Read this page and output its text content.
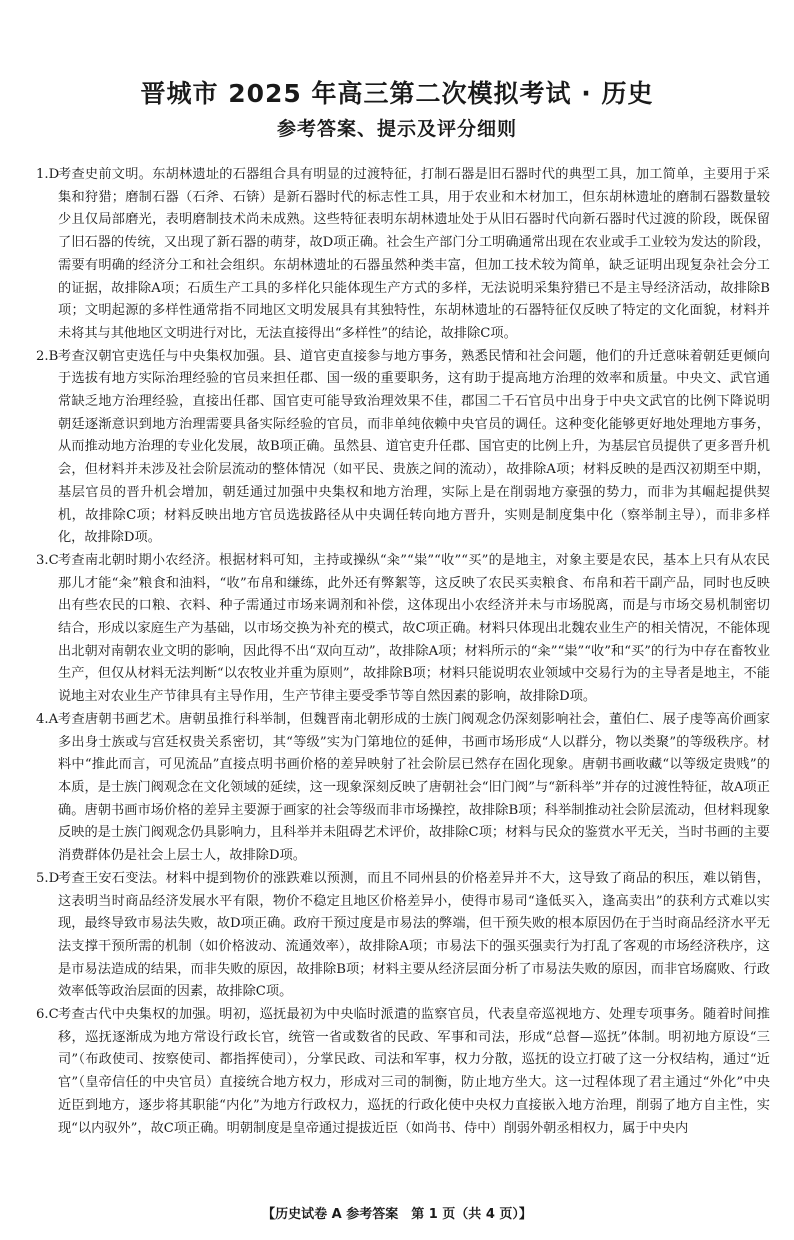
晋城市 2025 年高三第二次模拟考试 · 历史
参考答案、提示及评分细则
1.D
考查史前文明。东胡林遗址的石器组合具有明显的过渡特征，打制石器是旧石器时代的典型工具，加工简单，主要用于采集和狩猎；磨制石器（石斧、石锛）是新石器时代的标志性工具，用于农业和木材加工，但东胡林遗址的磨制石器数量较少且仅局部磨光，表明磨制技术尚未成熟。这些特征表明东胡林遗址处于从旧石器时代向新石器时代过渡的阶段，既保留了旧石器的传统，又出现了新石器的萌芽，故D项正确。社会生产部门分工明确通常出现在农业或手工业较为发达的阶段，需要有明确的经济分工和社会组织。东胡林遗址的石器虽然种类丰富，但加工技术较为简单，缺乏证明出现复杂社会分工的证据，故排除A项；石质生产工具的多样化只能体现生产方式的多样，无法说明采集狩猎已不是主导经济活动，故排除B项；文明起源的多样性通常指不同地区文明发展具有其独特性，东胡林遗址的石器特征仅反映了特定的文化面貌，材料并未将其与其他地区文明进行对比，无法直接得出“多样性”的结论，故排除C项。
2.B 考查汉朝官吏选任与中央集权加强。县、道官吏直接参与地方事务，熟悉民情和社会问题，他们的升迁意味着朝廷更倾向于选拔有地方实际治理经验的官员来担任郡、国一级的重要职务，这有助于提高地方治理的效率和质量。中央文、武官通常缺乏地方治理经验，直接出任郡、国官吏可能导致治理效果不佳，郡国二千石官员中出身于中央文武官的比例下降说明朝廷逐渐意识到地方治理需要具备实际经验的官员，而非单纯依赖中央官员的调任。这种变化能够更好地处理地方事务，从而推动地方治理的专业化发展，故B项正确。虽然县、道官吏升任郡、国官吏的比例上升，为基层官员提供了更多晋升机会，但材料并未涉及社会阶层流动的整体情况（如平民、贵族之间的流动），故排除A项；材料反映的是西汉初期至中期，基层官员的晋升机会增加，朝廷通过加强中央集权和地方治理，实际上是在削弱地方豪强的势力，而非为其崛起提供契机，故排除C项；材料反映出地方官员选拔路径从中央调任转向地方晋升，实则是制度集中化（察举制主导），而非多样化，故排除D项。
3.C 考查南北朝时期小农经济。根据材料可知，主持或操纵“籴”“粜”“收”“买”的是地主，对象主要是农民，基本上只有从农民那儿才能“籴”粮食和油料，“收”布帛和缣练，此外还有弊絮等，这反映了农民买卖粮食、布帛和若干副产品，同时也反映出有些农民的口粮、衣料、种子需通过市场来调剂和补偿，这体现出小农经济并未与市场脱离，而是与市场交易机制密切结合，形成以家庭生产为基础，以市场交换为补充的模式，故C项正确。材料只体现出北魏农业生产的相关情况，不能体现出北朝对南朝农业文明的影响，因此得不出“双向互动”，故排除A项；材料所示的“籴”“粜”“收”和“买”的行为中存在畜牧业生产，但仅从材料无法判断“以农牧业并重为原则”，故排除B项；材料只能说明农业领域中交易行为的主导者是地主，不能说地主对农业生产节律具有主导作用，生产节律主要受季节等自然因素的影响，故排除D项。
4.A 考查唐朝书画艺术。唐朝虽推行科举制，但魏晋南北朝形成的士族门阀观念仍深刻影响社会，董伯仁、展子虔等高价画家多出身士族或与宫廷权贵关系密切，其“等级”实为门第地位的延伸，书画市场形成“人以群分，物以类聚”的等级秩序。材料中“推此而言，可见流品”直接点明书画价格的差异映射了社会阶层已然存在固化现象。唐朝书画收藏“以等级定贵贱”的本质，是士族门阀观念在文化领域的延续，这一现象深刻反映了唐朝社会“旧门阀”与“新科举”并存的过渡性特征，故A项正确。唐朝书画市场价格的差异主要源于画家的社会等级而非市场操控，故排除B项；科举制推动社会阶层流动，但材料现象反映的是士族门阀观念仍具影响力，且科举并未阻碍艺术评价，故排除C项；材料与民众的鉴赏水平无关，当时书画的主要消费群体仍是社会上层士人，故排除D项。
5.D
考查王安石变法。材料中提到物价的涨跌难以预测，而且不同州县的价格差异并不大，这导致了商品的积压，难以销售，这表明当时商品经济发展水平有限，物价不稳定且地区价格差异小，使得市易司“逢低买入，逢高卖出”的获利方式难以实现，最终导致市易法失败，故D项正确。政府干预过度是市易法的弊端，但干预失败的根本原因仍在于当时商品经济水平无法支撑干预所需的机制（如价格波动、流通效率），故排除A项；市易法下的强买强卖行为打乱了客观的市场经济秩序，这是市易法造成的结果，而非失败的原因，故排除B项；材料主要从经济层面分析了市易法失败的原因，而非官场腐败、行政效率低等政治层面的因素，故排除C项。
6.C 考查古代中央集权的加强。明初，巡抚最初为中央临时派遣的监察官员，代表皇帝巡视地方、处理专项事务。随着时间推移，巡抚逐渐成为地方常设行政长官，统管一省或数省的民政、军事和司法，形成“总督—巡抚”体制。明初地方原设“三司”（布政使司、按察使司、都指挥使司），分掌民政、司法和军事，权力分散，巡抚的设立打破了这一分权结构，通过“近官”（皇帝信任的中央官员）直接统合地方权力，形成对三司的制衡，防止地方坐大。这一过程体现了君主通过“外化”中央近臣到地方，逐步将其职能“内化”为地方行政权力，巡抚的行政化使中央权力直接嵌入地方治理，削弱了地方自主性，实现“以内驭外”，故C项正确。明朝制度是皇帝通过提拔近臣（如尚书、侍中）削弱外朝丞相权力，属于中央内
【历史试卷 A 参考答案　第 1 页（共 4 页）】
